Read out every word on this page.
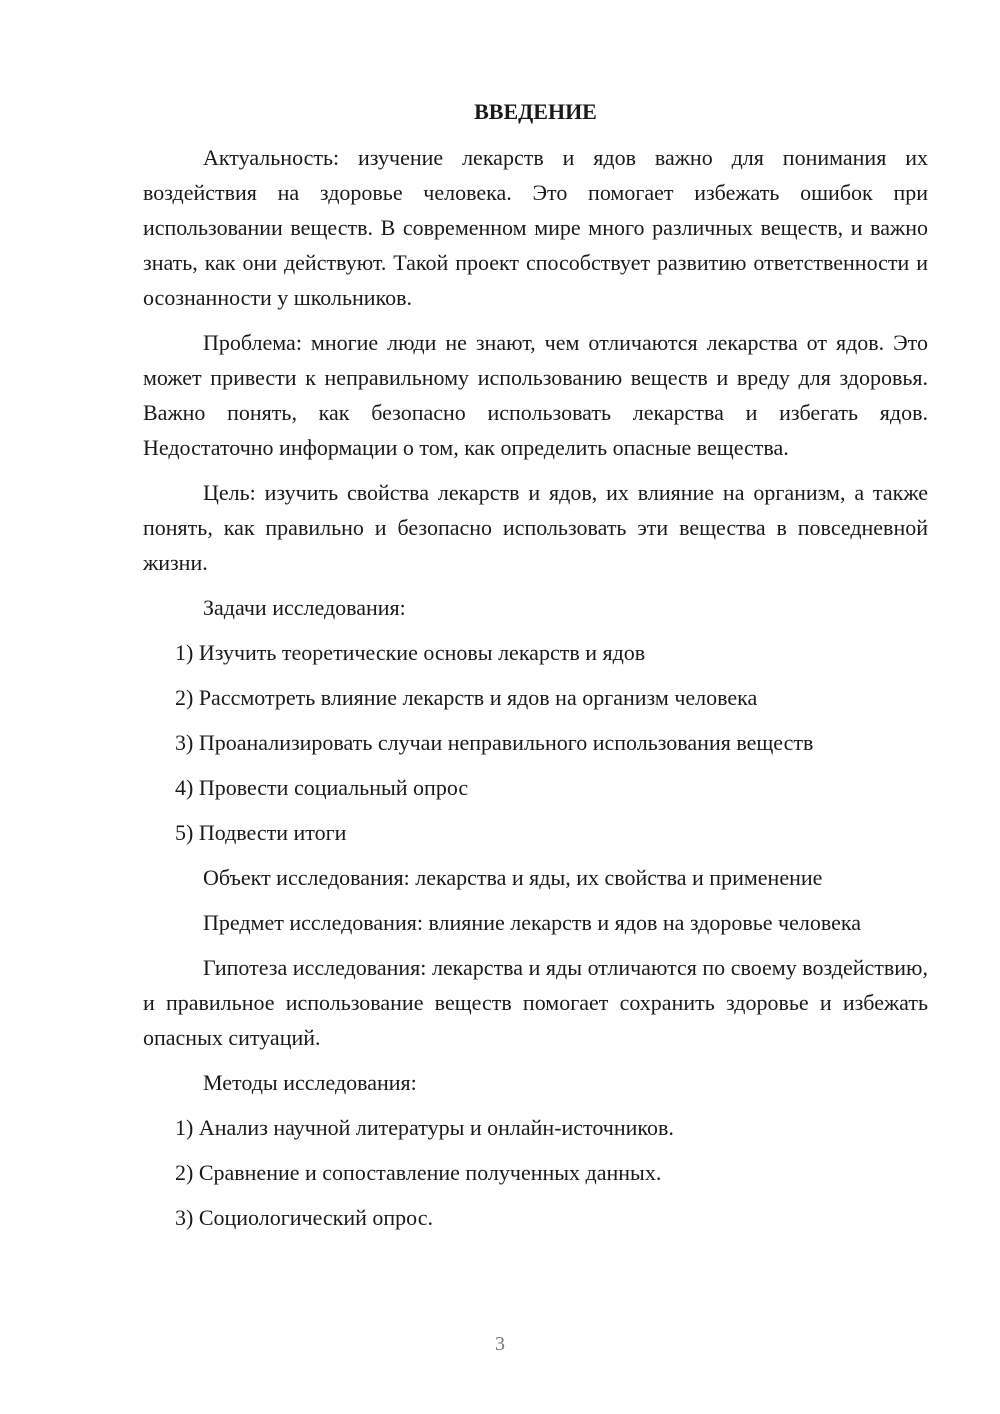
ВВЕДЕНИЕ

Актуальность: изучение лекарств и ядов важно для понимания их воздействия на здоровье человека. Это помогает избежать ошибок при использовании веществ. В современном мире много различных веществ, и важно знать, как они действуют. Такой проект способствует развитию ответственности и осознанности у школьников.

Проблема: многие люди не знают, чем отличаются лекарства от ядов. Это может привести к неправильному использованию веществ и вреду для здоровья. Важно понять, как безопасно использовать лекарства и избегать ядов. Недостаточно информации о том, как определить опасные вещества.

Цель: изучить свойства лекарств и ядов, их влияние на организм, а также понять, как правильно и безопасно использовать эти вещества в повседневной жизни.

Задачи исследования:
1) Изучить теоретические основы лекарств и ядов
2) Рассмотреть влияние лекарств и ядов на организм человека
3) Проанализировать случаи неправильного использования веществ
4) Провести социальный опрос
5) Подвести итоги

Объект исследования: лекарства и яды, их свойства и применение

Предмет исследования: влияние лекарств и ядов на здоровье человека

Гипотеза исследования: лекарства и яды отличаются по своему воздействию, и правильное использование веществ помогает сохранить здоровье и избежать опасных ситуаций.

Методы исследования:
1) Анализ научной литературы и онлайн-источников.
2) Сравнение и сопоставление полученных данных.
3) Социологический опрос.
3
